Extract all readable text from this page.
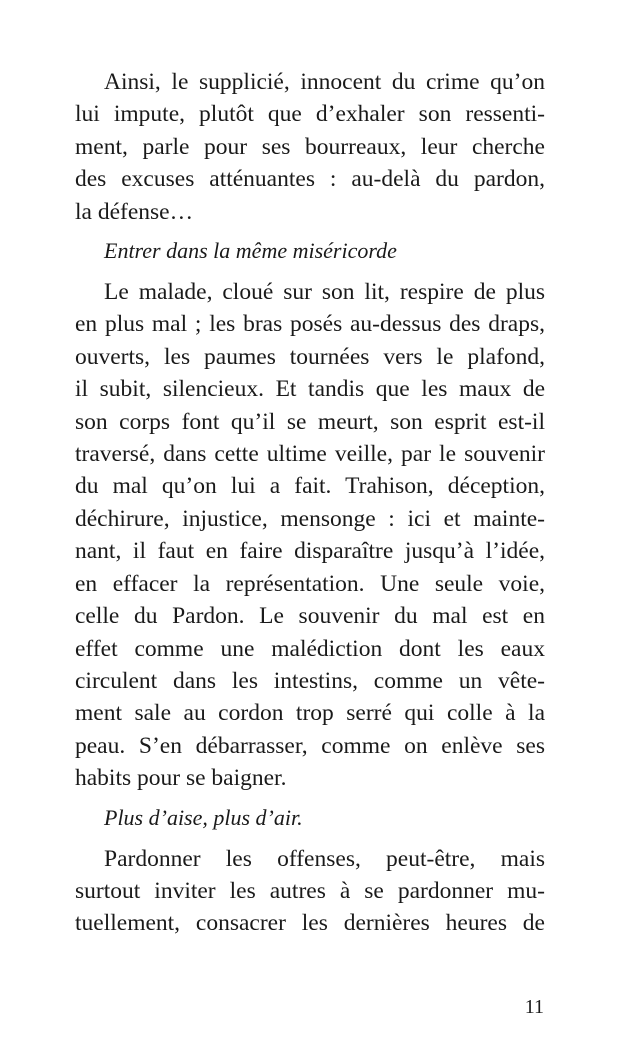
Ainsi, le supplicié, innocent du crime qu’on
lui impute, plutôt que d’exhaler son ressenti-
ment, parle pour ses bourreaux, leur cherche
des excuses atténuantes : au-delà du pardon,
la défense…

Entrer dans la même miséricorde

Le malade, cloué sur son lit, respire de plus
en plus mal ; les bras posés au-dessus des draps,
ouverts, les paumes tournées vers le plafond,
il subit, silencieux. Et tandis que les maux de
son corps font qu’il se meurt, son esprit est-il
traversé, dans cette ultime veille, par le souvenir
du mal qu’on lui a fait. Trahison, déception,
déchirure, injustice, mensonge : ici et mainte-
nant, il faut en faire disparaître jusqu’à l’idée,
en effacer la représentation. Une seule voie,
celle du Pardon. Le souvenir du mal est en
effet comme une malédiction dont les eaux
circulent dans les intestins, comme un vête-
ment sale au cordon trop serré qui colle à la
peau. S’en débarrasser, comme on enlève ses
habits pour se baigner.

Plus d’aise, plus d’air.

Pardonner les offenses, peut-être, mais
surtout inviter les autres à se pardonner mu-
tuellement, consacrer les dernières heures de
11
